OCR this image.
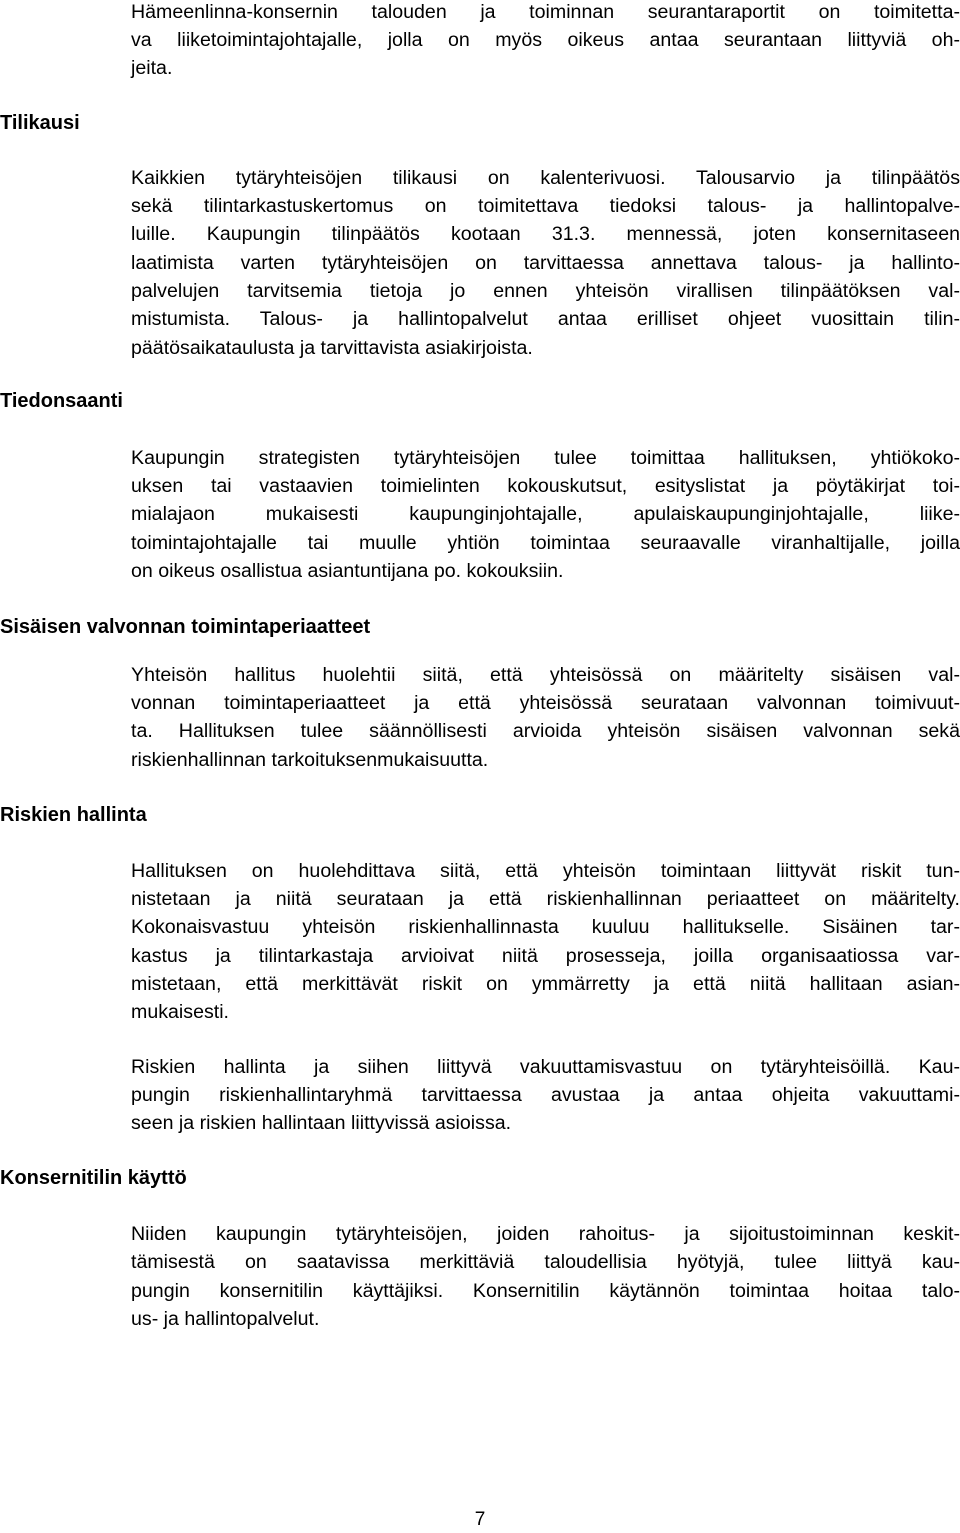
Hämeenlinna-konsernin talouden ja toiminnan seurantaraportit on toimitetta-

va liiketoimintajohtajalle, jolla on myös oikeus antaa seurantaan liittyviä oh-

jeita.

Tilikausi

Kaikkien tytäryhteisöjen tilikausi on kalenterivuosi. Talousarvio ja tilinpäätös

sekä tilintarkastuskertomus on toimitettava tiedoksi talous- ja hallintopalve-

luille. Kaupungin tilinpäätös kootaan 31.3. mennessä, joten konsernitaseen

laatimista varten tytäryhteisöjen on tarvittaessa annettava talous- ja hallinto-

palvelujen tarvitsemia tietoja jo ennen yhteisön virallisen tilinpäätöksen val-

mistumista. Talous- ja hallintopalvelut antaa erilliset ohjeet vuosittain tilin-

päätösaikataulusta ja tarvittavista asiakirjoista.

Tiedonsaanti

Kaupungin strategisten tytäryhteisöjen tulee toimittaa hallituksen, yhtiökoko-

uksen tai vastaavien toimielinten kokouskutsut, esityslistat ja pöytäkirjat toi-

mialajaon mukaisesti kaupunginjohtajalle, apulaiskaupunginjohtajalle, liike-

toimintajohtajalle tai muulle yhtiön toimintaa seuraavalle viranhaltijalle, joilla

on oikeus osallistua asiantuntijana po. kokouksiin.

Sisäisen valvonnan toimintaperiaatteet

Yhteisön hallitus huolehtii siitä, että yhteisössä on määritelty sisäisen val-

vonnan toimintaperiaatteet ja että yhteisössä seurataan valvonnan toimivuut-

ta. Hallituksen tulee säännöllisesti arvioida yhteisön sisäisen valvonnan sekä

riskienhallinnan tarkoituksenmukaisuutta.

Riskien hallinta

Hallituksen on huolehdittava siitä, että yhteisön toimintaan liittyvät riskit tun-

nistetaan ja niitä seurataan ja että riskienhallinnan periaatteet on määritelty.

Kokonaisvastuu yhteisön riskienhallinnasta kuuluu hallitukselle. Sisäinen tar-

kastus ja tilintarkastaja arvioivat niitä prosesseja, joilla organisaatiossa var-

mistetaan, että merkittävät riskit on ymmärretty ja että niitä hallitaan asian-

mukaisesti.

Riskien hallinta ja siihen liittyvä vakuuttamisvastuu on tytäryhteisöillä. Kau-

pungin riskienhallintaryhmä tarvittaessa avustaa ja antaa ohjeita vakuuttami-

seen ja riskien hallintaan liittyvissä asioissa.

Konsernitilin käyttö

Niiden kaupungin tytäryhteisöjen, joiden rahoitus- ja sijoitustoiminnan keskit-

tämisestä on saatavissa merkittäviä taloudellisia hyötyjä, tulee liittyä kau-

pungin konsernitilin käyttäjiksi. Konsernitilin käytännön toimintaa hoitaa talo-

us- ja hallintopalvelut.

7
